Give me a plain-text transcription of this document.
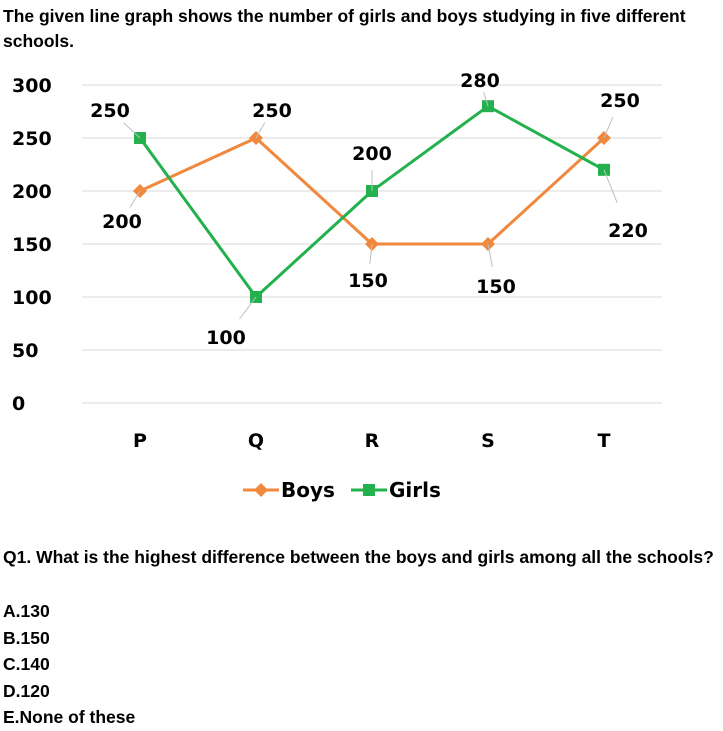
The given line graph shows the number of girls and boys studying in five different schools.
0
50
100
150
200
250
300
P	Q	R	S	T
200
250
150	150
250
250
100
200
280
220
Boys	Girls
Q1. What is the highest difference between the boys and girls among all the schools?
A.130
B.150
C.140
D.120
E.None of these
